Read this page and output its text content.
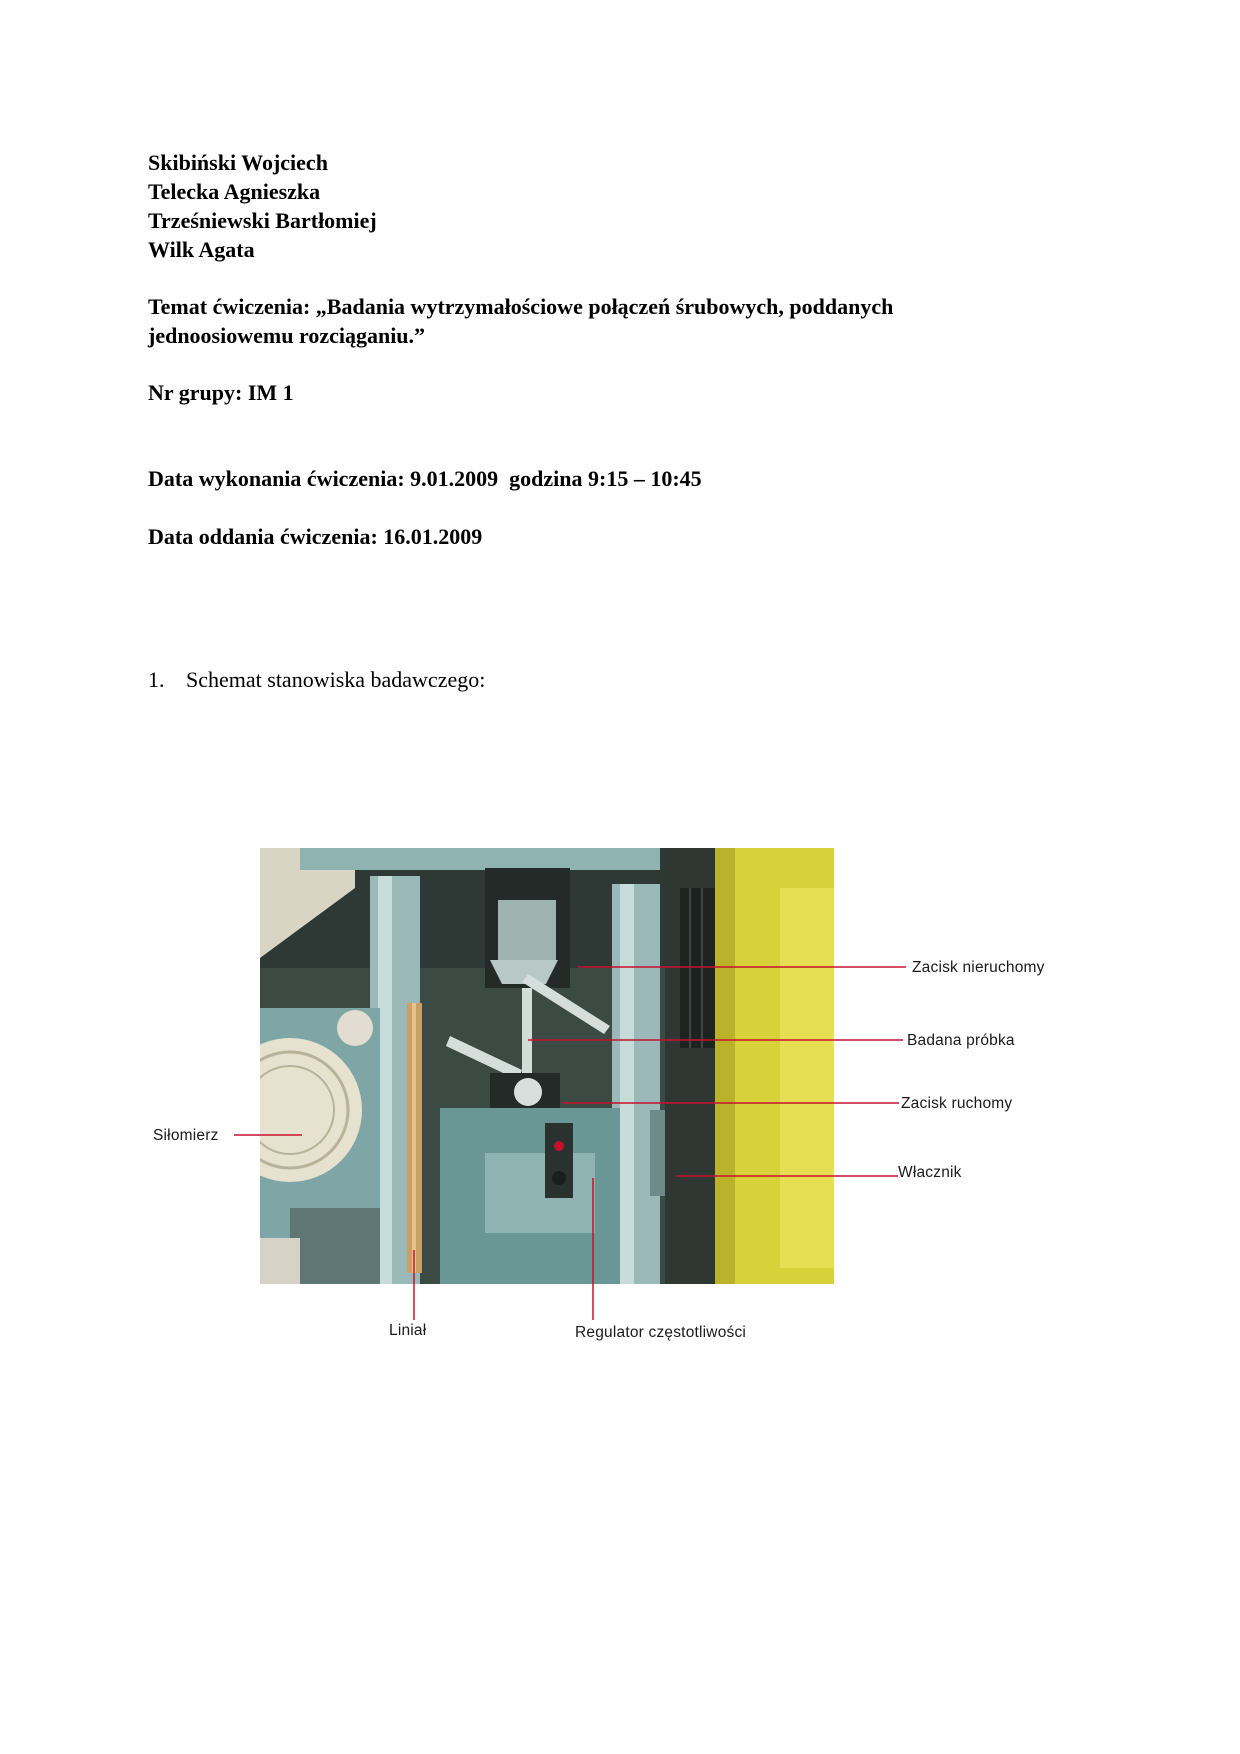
Skibiński Wojciech
Telecka Agnieszka
Trześniewski Bartłomiej
Wilk Agata
Temat ćwiczenia: „Badania wytrzymałościowe połączeń śrubowych, poddanych
jednoosiowemu rozciąganiu.”
Nr grupy: IM 1
Data wykonania ćwiczenia: 9.01.2009  godzina 9:15 – 10:45
Data oddania ćwiczenia: 16.01.2009
1. Schemat stanowiska badawczego:
Zacisk nieruchomy
Badana próbka
Zacisk ruchomy
Siłomierz
Włacznik
Liniał	Regulator częstotliwości
